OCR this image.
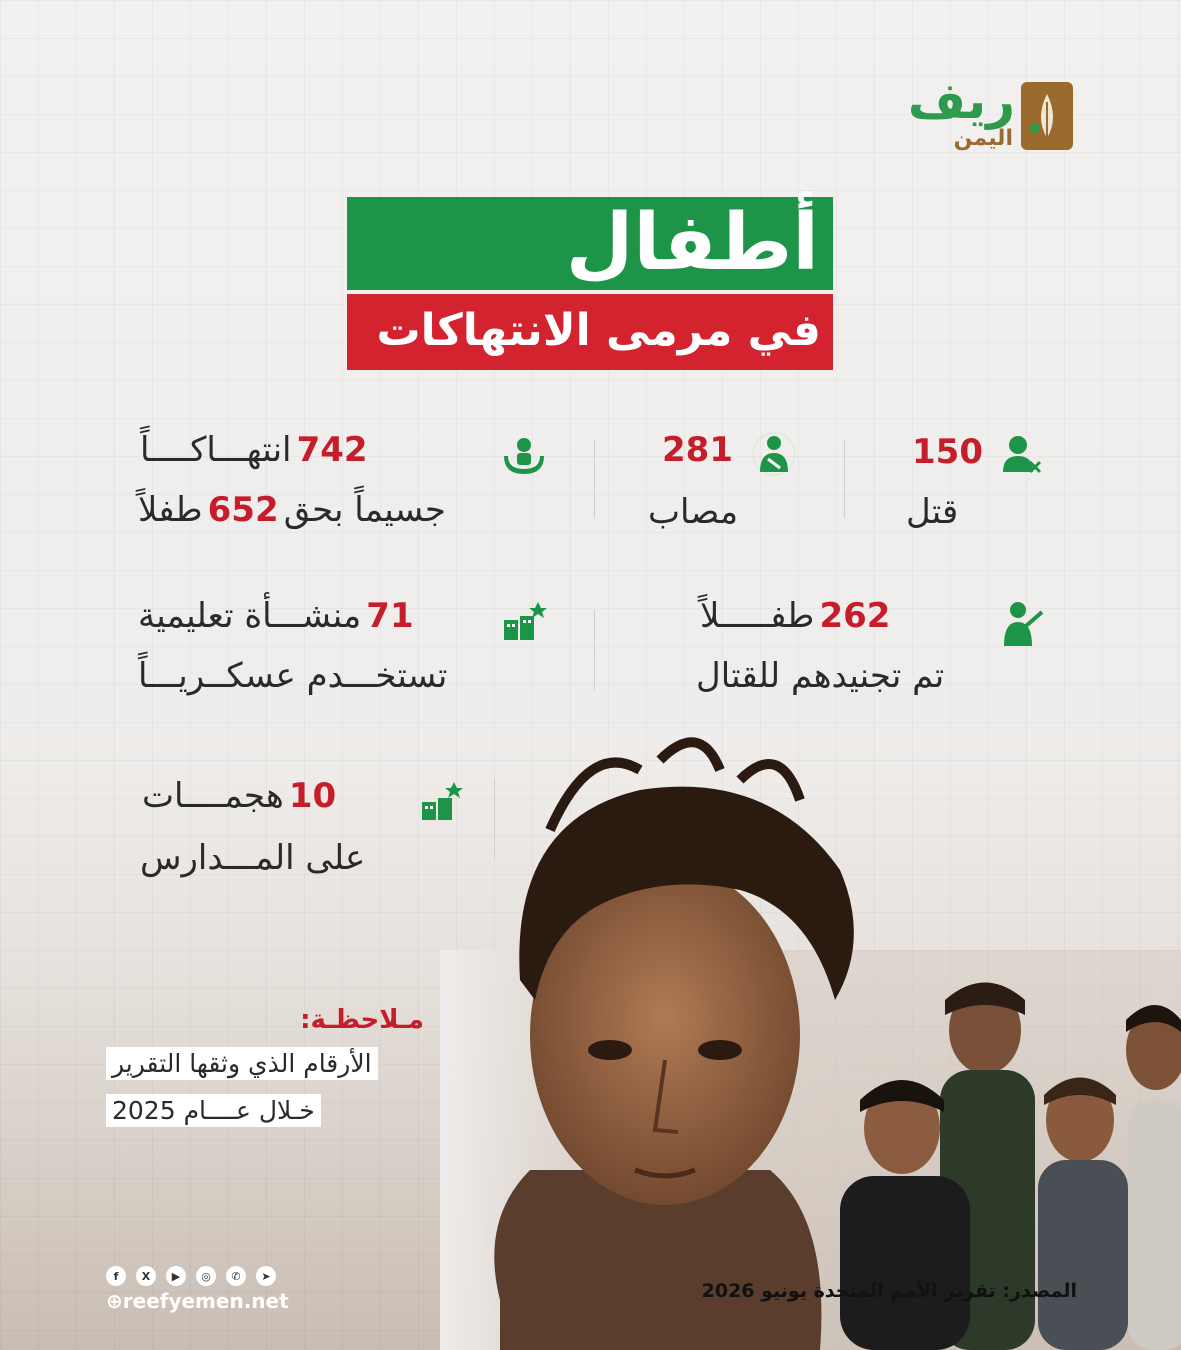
ريف
اليمن
أطفال
في مرمى الانتهاكات
150
قتل
281
مصاب
742 انتهـــاكــــاً
جسيماً بحق 652 طفلاً
262 طفـــــلاً
تم تجنيدهم للقتال
71 منشـــأة تعليمية
تستخـــدم عسكــريـــاً
10 هجمــــات
على المـــدارس
مـلاحظـة:
الأرقام الذي وثقها التقرير
خـلال عــــام 2025
f	X	▶	◎	✆	➤
⊕reefyemen.net	المصدر: تقرير الأمم المتحدة يونيو 2026
